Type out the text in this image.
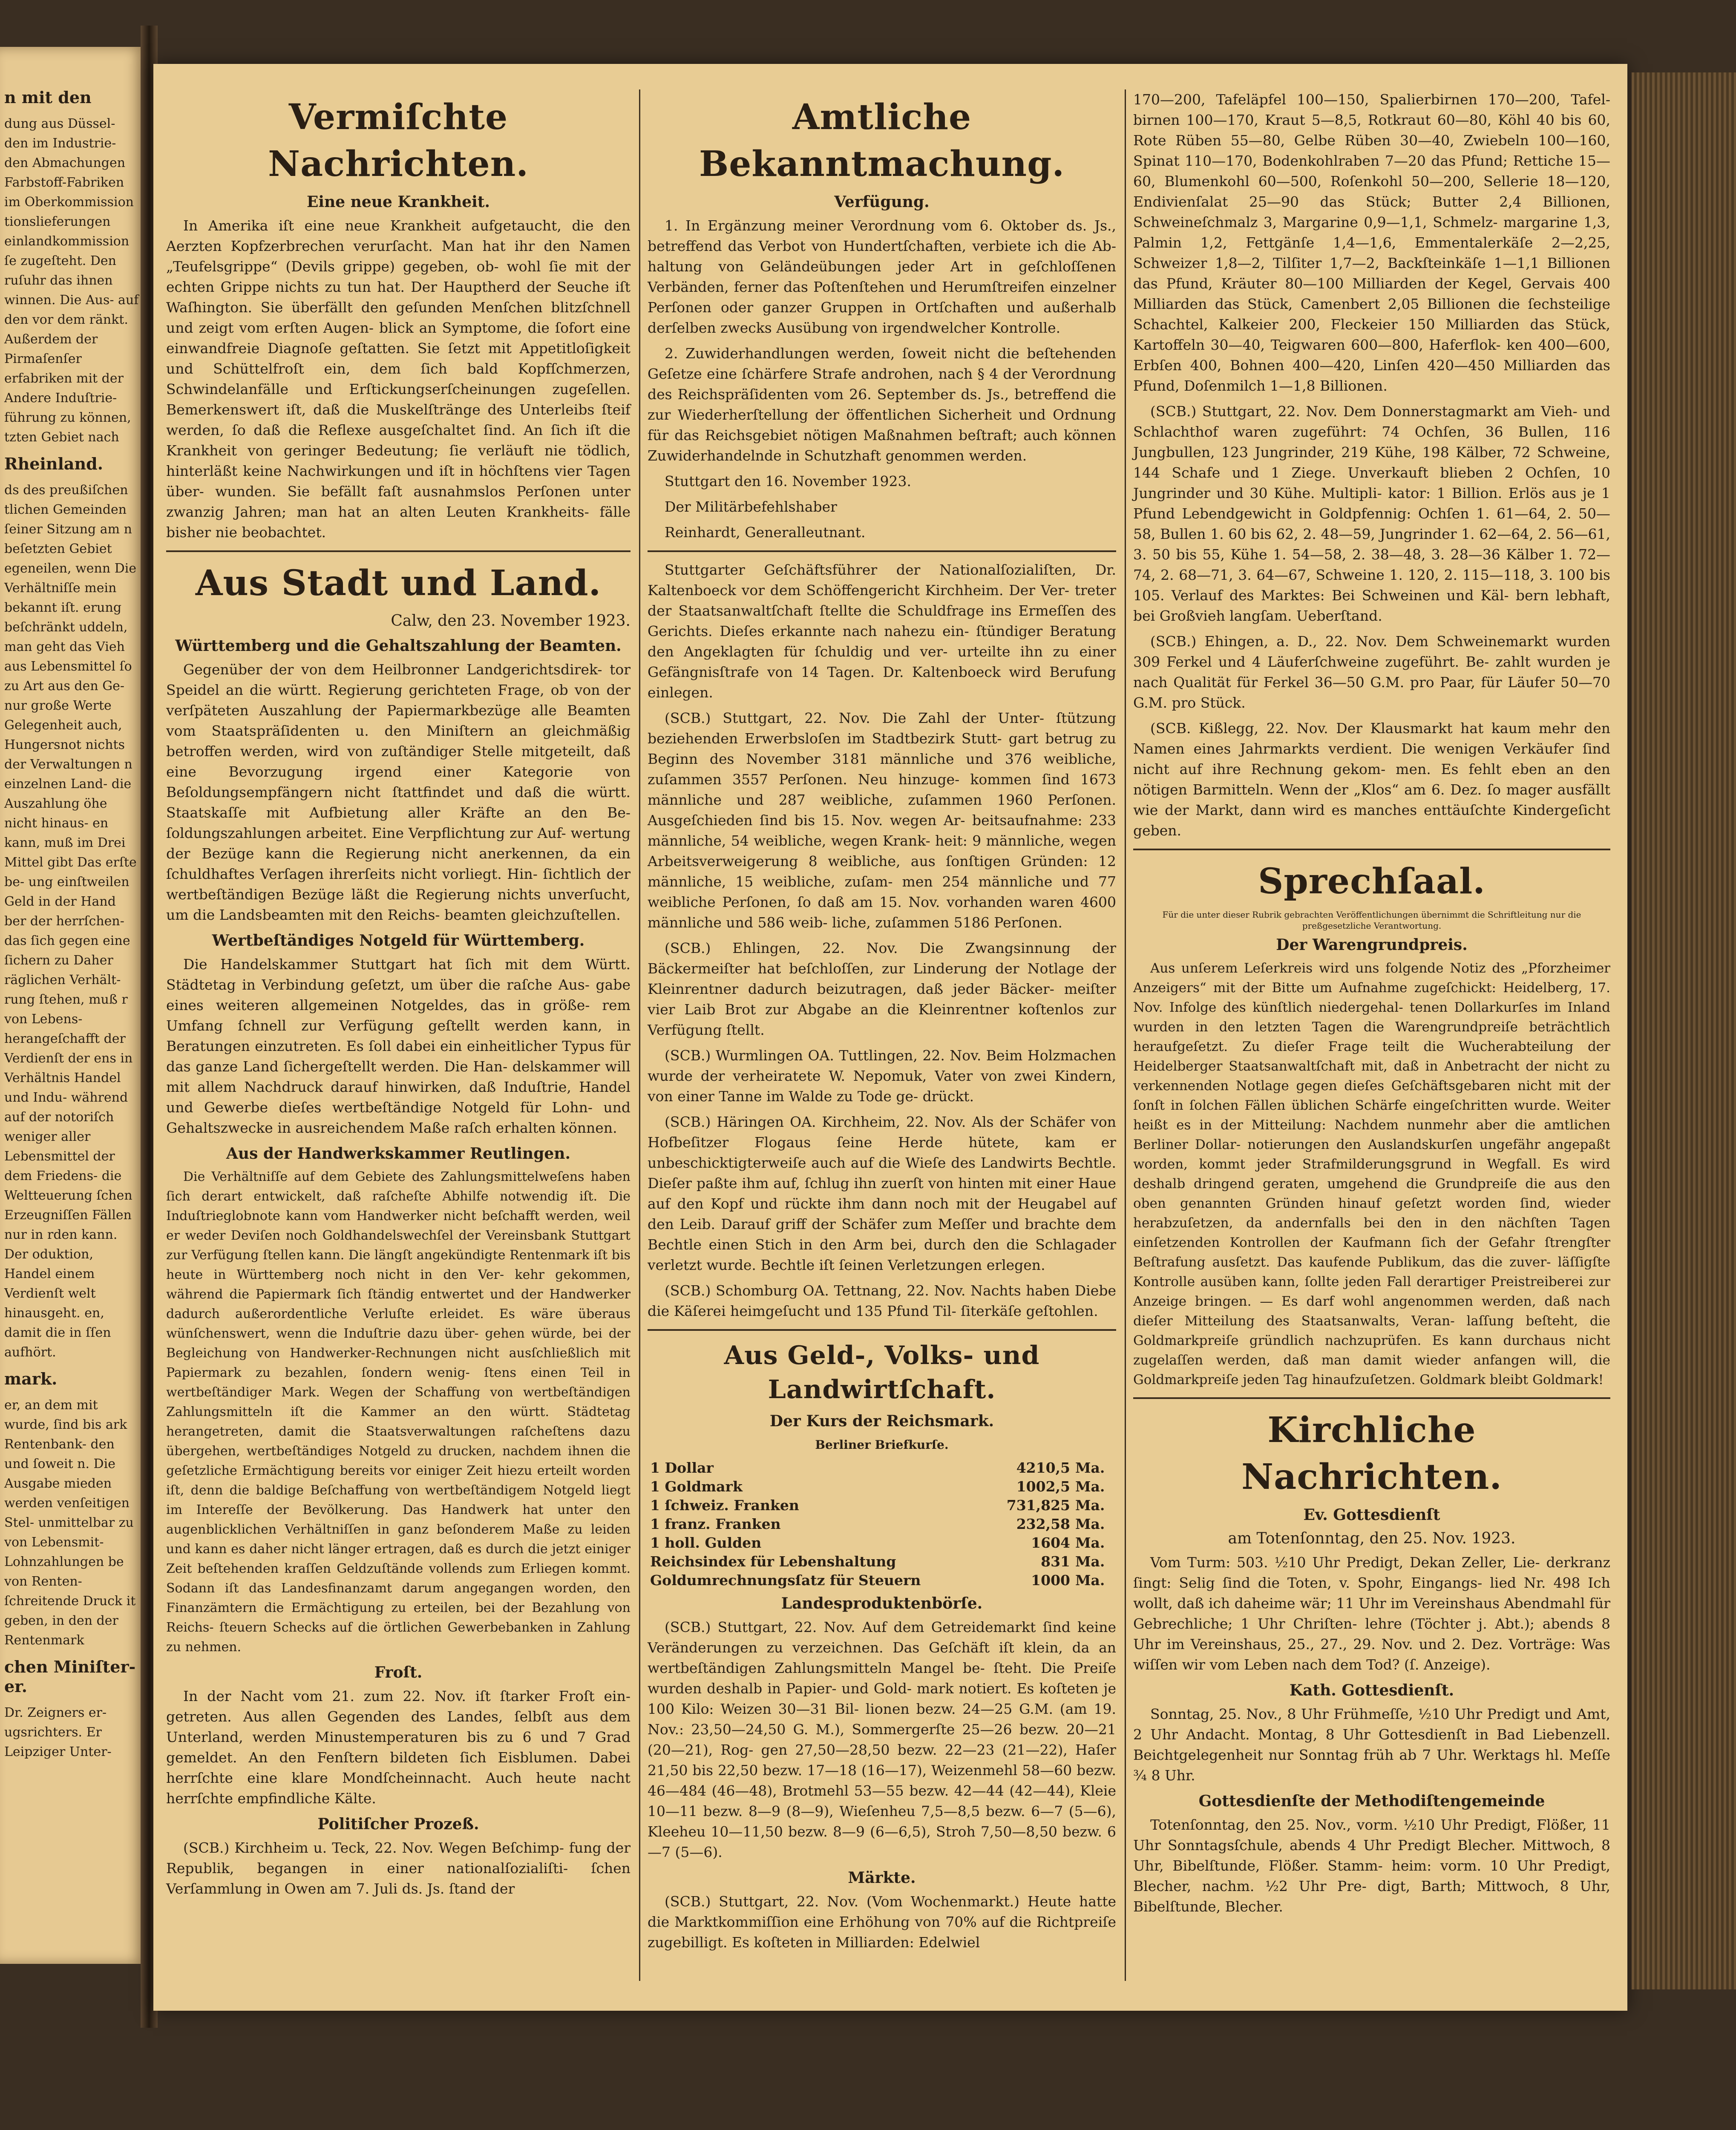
n mit den

dung aus Düssel- den im Industrie- den Abmachungen Farbstoff-Fabriken im Oberkommission tionslieferungen einlandkommission ſe zugeſteht. Den ruſuhr das ihnen winnen. Die Aus- auf den vor dem ränkt. Außerdem der Pirmaſenſer erfabriken mit der Andere Induſtrie- führung zu können, tzten Gebiet nach

Rheinland.

ds des preußiſchen tlichen Gemeinden ſeiner Sitzung am n beſetzten Gebiet egeneilen, wenn Die Verhältniſſe mein bekannt iſt. erung beſchränkt uddeln, man geht das Vieh aus Lebensmittel ſo zu Art aus den Ge- nur große Werte Gelegenheit auch, Hungersnot nichts der Verwaltungen n einzelnen Land- die Auszahlung öhe nicht hinaus- en kann, muß im Drei Mittel gibt Das erſte be- ung einſtweilen Geld in der Hand ber der herrſchen- das ſich gegen eine ſichern zu Daher räglichen Verhält- rung ſtehen, muß r von Lebens- herangeſchafft der Verdienſt der ens in Verhältnis Handel und Indu- während auf der notoriſch weniger aller Lebensmittel der dem Friedens- die Weltteuerung ſchen Erzeugniſſen Fällen nur in rden kann. Der oduktion, Handel einem Verdienſt welt hinausgeht. en, damit die in ſſen aufhört.

mark.

er, an dem mit wurde, ſind bis ark Rentenbank- den und ſoweit n. Die Ausgabe mieden werden venſeitigen Stel- unmittelbar zu von Lebensmit- Lohnzahlungen be von Renten- ſchreitende Druck it geben, in den der Rentenmark

chen Miniſter- er.

Dr. Zeigners er- ugsrichters. Er Leipziger Unter-

Vermiſchte Nachrichten.
Eine neue Krankheit.

In Amerika iſt eine neue Krankheit aufgetaucht, die den Aerzten Kopfzerbrechen verurſacht. Man hat ihr den Namen „Teufelsgrippe“ (Devils grippe) gegeben, ob- wohl ſie mit der echten Grippe nichts zu tun hat. Der Hauptherd der Seuche iſt Waſhington. Sie überfällt den geſunden Menſchen blitzſchnell und zeigt vom erſten Augen- blick an Symptome, die ſofort eine einwandfreie Diagnoſe geſtatten. Sie ſetzt mit Appetitloſigkeit und Schüttelfroſt ein, dem ſich bald Kopfſchmerzen, Schwindelanfälle und Erſtickungserſcheinungen zugeſellen. Bemerkenswert iſt, daß die Muskelſtränge des Unterleibs ſteif werden, ſo daß die Reflexe ausgeſchaltet ſind. An ſich iſt die Krankheit von geringer Bedeutung; ſie verläuft nie tödlich, hinterläßt keine Nachwirkungen und iſt in höchſtens vier Tagen über- wunden. Sie befällt faſt ausnahmslos Perſonen unter zwanzig Jahren; man hat an alten Leuten Krankheits- fälle bisher nie beobachtet.

Aus Stadt und Land.
Calw, den 23. November 1923.
Württemberg und die Gehaltszahlung der Beamten.

Gegenüber der von dem Heilbronner Landgerichtsdirek- tor Speidel an die württ. Regierung gerichteten Frage, ob von der verſpäteten Auszahlung der Papiermarkbezüge alle Beamten vom Staatspräſidenten u. den Miniſtern an gleichmäßig betroffen werden, wird von zuſtändiger Stelle mitgeteilt, daß eine Bevorzugung irgend einer Kategorie von Beſoldungsempfängern nicht ſtattfindet und daß die württ. Staatskaſſe mit Aufbietung aller Kräfte an den Be- ſoldungszahlungen arbeitet. Eine Verpflichtung zur Auf- wertung der Bezüge kann die Regierung nicht anerkennen, da ein ſchuldhaftes Verſagen ihrerſeits nicht vorliegt. Hin- ſichtlich der wertbeſtändigen Bezüge läßt die Regierung nichts unverſucht, um die Landsbeamten mit den Reichs- beamten gleichzuſtellen.

Wertbeſtändiges Notgeld für Württemberg.

Die Handelskammer Stuttgart hat ſich mit dem Württ. Städtetag in Verbindung geſetzt, um über die raſche Aus- gabe eines weiteren allgemeinen Notgeldes, das in größe- rem Umfang ſchnell zur Verfügung geſtellt werden kann, in Beratungen einzutreten. Es ſoll dabei ein einheitlicher Typus für das ganze Land ſichergeſtellt werden. Die Han- delskammer will mit allem Nachdruck darauf hinwirken, daß Induſtrie, Handel und Gewerbe dieſes wertbeſtändige Notgeld für Lohn- und Gehaltszwecke in ausreichendem Maße raſch erhalten können.

Aus der Handwerkskammer Reutlingen.

Die Verhältniſſe auf dem Gebiete des Zahlungsmittelweſens haben ſich derart entwickelt, daß raſcheſte Abhilfe notwendig iſt. Die Induſtrieglobnote kann vom Handwerker nicht beſchafft werden, weil er weder Deviſen noch Goldhandelswechſel der Vereinsbank Stuttgart zur Verfügung ſtellen kann. Die längſt angekündigte Rentenmark iſt bis heute in Württemberg noch nicht in den Ver- kehr gekommen, während die Papiermark ſich ſtändig entwertet und der Handwerker dadurch außerordentliche Verluſte erleidet. Es wäre überaus wünſchenswert, wenn die Induſtrie dazu über- gehen würde, bei der Begleichung von Handwerker-Rechnungen nicht ausſchließlich mit Papiermark zu bezahlen, ſondern wenig- ſtens einen Teil in wertbeſtändiger Mark. Wegen der Schaffung von wertbeſtändigen Zahlungsmitteln iſt die Kammer an den württ. Städtetag herangetreten, damit die Staatsverwaltungen raſcheſtens dazu übergehen, wertbeſtändiges Notgeld zu drucken, nachdem ihnen die geſetzliche Ermächtigung bereits vor einiger Zeit hiezu erteilt worden iſt, denn die baldige Beſchaffung von wertbeſtändigem Notgeld liegt im Intereſſe der Bevölkerung. Das Handwerk hat unter den augenblicklichen Verhältniſſen in ganz beſonderem Maße zu leiden und kann es daher nicht länger ertragen, daß es durch die jetzt einiger Zeit beſtehenden kraſſen Geldzuſtände vollends zum Erliegen kommt. Sodann iſt das Landesfinanzamt darum angegangen worden, den Finanzämtern die Ermächtigung zu erteilen, bei der Bezahlung von Reichs- ſteuern Schecks auf die örtlichen Gewerbebanken in Zahlung zu nehmen.

Froſt.

In der Nacht vom 21. zum 22. Nov. iſt ſtarker Froſt ein- getreten. Aus allen Gegenden des Landes, ſelbſt aus dem Unterland, werden Minustemperaturen bis zu 6 und 7 Grad gemeldet. An den Fenſtern bildeten ſich Eisblumen. Dabei herrſchte eine klare Mondſcheinnacht. Auch heute nacht herrſchte empfindliche Kälte.

Politiſcher Prozeß.

(SCB.) Kirchheim u. Teck, 22. Nov. Wegen Beſchimp- fung der Republik, begangen in einer nationalſozialiſti- ſchen Verſammlung in Owen am 7. Juli ds. Js. ſtand der

Amtliche Bekanntmachung.
Verfügung.

1. In Ergänzung meiner Verordnung vom 6. Oktober ds. Js., betreffend das Verbot von Hundertſchaften, verbiete ich die Ab- haltung von Geländeübungen jeder Art in geſchloſſenen Verbänden, ferner das Poſtenſtehen und Herumſtreifen einzelner Perſonen oder ganzer Gruppen in Ortſchaften und außerhalb derſelben zwecks Ausübung von irgendwelcher Kontrolle.

2. Zuwiderhandlungen werden, ſoweit nicht die beſtehenden Geſetze eine ſchärfere Strafe androhen, nach § 4 der Verordnung des Reichspräſidenten vom 26. September ds. Js., betreffend die zur Wiederherſtellung der öffentlichen Sicherheit und Ordnung für das Reichsgebiet nötigen Maßnahmen beſtraft; auch können Zuwiderhandelnde in Schutzhaft genommen werden.

Stuttgart den 16. November 1923.

Der Militärbefehlshaber

Reinhardt, Generalleutnant.

Stuttgarter Geſchäftsführer der Nationalſozialiſten, Dr. Kaltenboeck vor dem Schöffengericht Kirchheim. Der Ver- treter der Staatsanwaltſchaft ſtellte die Schuldfrage ins Ermeſſen des Gerichts. Dieſes erkannte nach nahezu ein- ſtündiger Beratung den Angeklagten für ſchuldig und ver- urteilte ihn zu einer Gefängnisſtrafe von 14 Tagen. Dr. Kaltenboeck wird Berufung einlegen.

(SCB.) Stuttgart, 22. Nov. Die Zahl der Unter- ſtützung beziehenden Erwerbsloſen im Stadtbezirk Stutt- gart betrug zu Beginn des November 3181 männliche und 376 weibliche, zuſammen 3557 Perſonen. Neu hinzuge- kommen ſind 1673 männliche und 287 weibliche, zuſammen 1960 Perſonen. Ausgeſchieden ſind bis 15. Nov. wegen Ar- beitsaufnahme: 233 männliche, 54 weibliche, wegen Krank- heit: 9 männliche, wegen Arbeitsverweigerung 8 weibliche, aus ſonſtigen Gründen: 12 männliche, 15 weibliche, zuſam- men 254 männliche und 77 weibliche Perſonen, ſo daß am 15. Nov. vorhanden waren 4600 männliche und 586 weib- liche, zuſammen 5186 Perſonen.

(SCB.) Ehlingen, 22. Nov. Die Zwangsinnung der Bäckermeiſter hat beſchloſſen, zur Linderung der Notlage der Kleinrentner dadurch beizutragen, daß jeder Bäcker- meiſter vier Laib Brot zur Abgabe an die Kleinrentner koſtenlos zur Verfügung ſtellt.

(SCB.) Wurmlingen OA. Tuttlingen, 22. Nov. Beim Holzmachen wurde der verheiratete W. Nepomuk, Vater von zwei Kindern, von einer Tanne im Walde zu Tode ge- drückt.

(SCB.) Häringen OA. Kirchheim, 22. Nov. Als der Schäfer von Hofbeſitzer Flogaus ſeine Herde hütete, kam er unbeschicktigterweiſe auch auf die Wieſe des Landwirts Bechtle. Dieſer paßte ihm auf, ſchlug ihn zuerſt von hinten mit einer Haue auf den Kopf und rückte ihm dann noch mit der Heugabel auf den Leib. Darauf griff der Schäfer zum Meſſer und brachte dem Bechtle einen Stich in den Arm bei, durch den die Schlagader verletzt wurde. Bechtle iſt ſeinen Verletzungen erlegen.

(SCB.) Schomburg OA. Tettnang, 22. Nov. Nachts haben Diebe die Käſerei heimgeſucht und 135 Pfund Til- ſiterkäſe geſtohlen.

Aus Geld-, Volks- und Landwirtſchaft.
Der Kurs der Reichsmark.
Berliner Briefkurſe.
1 Dollar	4210,5	Ma.
1 Goldmark	1002,5	Ma.
1 ſchweiz. Franken	731,825	Ma.
1 franz. Franken	232,58	Ma.
1 holl. Gulden	1604	Ma.
Reichsindex für Lebenshaltung	831	Ma.
Goldumrechnungsſatz für Steuern	1000	Ma.
Landesproduktenbörſe.

(SCB.) Stuttgart, 22. Nov. Auf dem Getreidemarkt ſind keine Veränderungen zu verzeichnen. Das Geſchäft iſt klein, da an wertbeſtändigen Zahlungsmitteln Mangel be- ſteht. Die Preiſe wurden deshalb in Papier- und Gold- mark notiert. Es koſteten je 100 Kilo: Weizen 30—31 Bil- lionen bezw. 24—25 G.M. (am 19. Nov.: 23,50—24,50 G. M.), Sommergerſte 25—26 bezw. 20—21 (20—21), Rog- gen 27,50—28,50 bezw. 22—23 (21—22), Haſer 21,50 bis 22,50 bezw. 17—18 (16—17), Weizenmehl 58—60 bezw. 46—484 (46—48), Brotmehl 53—55 bezw. 42—44 (42—44), Kleie 10—11 bezw. 8—9 (8—9), Wieſenheu 7,5—8,5 bezw. 6—7 (5—6), Kleeheu 10—11,50 bezw. 8—9 (6—6,5), Stroh 7,50—8,50 bezw. 6—7 (5—6).

Märkte.

(SCB.) Stuttgart, 22. Nov. (Vom Wochenmarkt.) Heute hatte die Marktkommiſſion eine Erhöhung von 70% auf die Richtpreiſe zugebilligt. Es koſteten in Milliarden: Edelwiel

170—200, Tafeläpfel 100—150, Spalierbirnen 170—200, Tafel- birnen 100—170, Kraut 5—8,5, Rotkraut 60—80, Köhl 40 bis 60, Rote Rüben 55—80, Gelbe Rüben 30—40, Zwiebeln 100—160, Spinat 110—170, Bodenkohlraben 7—20 das Pfund; Rettiche 15—60, Blumenkohl 60—500, Roſenkohl 50—200, Sellerie 18—120, Endivienſalat 25—90 das Stück; Butter 2,4 Billionen, Schweineſchmalz 3, Margarine 0,9—1,1, Schmelz- margarine 1,3, Palmin 1,2, Fettgänſe 1,4—1,6, Emmentalerkäſe 2—2,25, Schweizer 1,8—2, Tilſiter 1,7—2, Backſteinkäſe 1—1,1 Billionen das Pfund, Kräuter 80—100 Milliarden der Kegel, Gervais 400 Milliarden das Stück, Camenbert 2,05 Billionen die ſechsteilige Schachtel, Kalkeier 200, Fleckeier 150 Milliarden das Stück, Kartoffeln 30—40, Teigwaren 600—800, Haferflok- ken 400—600, Erbſen 400, Bohnen 400—420, Linſen 420—450 Milliarden das Pfund, Doſenmilch 1—1,8 Billionen.

(SCB.) Stuttgart, 22. Nov. Dem Donnerstagmarkt am Vieh- und Schlachthof waren zugeführt: 74 Ochſen, 36 Bullen, 116 Jungbullen, 123 Jungrinder, 219 Kühe, 198 Kälber, 72 Schweine, 144 Schafe und 1 Ziege. Unverkauft blieben 2 Ochſen, 10 Jungrinder und 30 Kühe. Multipli- kator: 1 Billion. Erlös aus je 1 Pfund Lebendgewicht in Goldpfennig: Ochſen 1. 61—64, 2. 50—58, Bullen 1. 60 bis 62, 2. 48—59, Jungrinder 1. 62—64, 2. 56—61, 3. 50 bis 55, Kühe 1. 54—58, 2. 38—48, 3. 28—36 Kälber 1. 72—74, 2. 68—71, 3. 64—67, Schweine 1. 120, 2. 115—118, 3. 100 bis 105. Verlauf des Marktes: Bei Schweinen und Käl- bern lebhaft, bei Großvieh langſam. Ueberſtand.

(SCB.) Ehingen, a. D., 22. Nov. Dem Schweinemarkt wurden 309 Ferkel und 4 Läuferſchweine zugeführt. Be- zahlt wurden je nach Qualität für Ferkel 36—50 G.M. pro Paar, für Läufer 50—70 G.M. pro Stück.

(SCB. Kißlegg, 22. Nov. Der Klausmarkt hat kaum mehr den Namen eines Jahrmarkts verdient. Die wenigen Verkäufer ſind nicht auf ihre Rechnung gekom- men. Es fehlt eben an den nötigen Barmitteln. Wenn der „Klos“ am 6. Dez. ſo mager ausfällt wie der Markt, dann wird es manches enttäuſchte Kindergeſicht geben.

Sprechſaal.
Für die unter dieser Rubrik gebrachten Veröffentlichungen übernimmt die Schriftleitung nur die preßgesetzliche Verantwortung.
Der Warengrundpreis.

Aus unſerem Leſerkreis wird uns folgende Notiz des „Pforzheimer Anzeigers“ mit der Bitte um Aufnahme zugeſchickt: Heidelberg, 17. Nov. Infolge des künſtlich niedergehal- tenen Dollarkurſes im Inland wurden in den letzten Tagen die Warengrundpreiſe beträchtlich heraufgeſetzt. Zu dieſer Frage teilt die Wucherabteilung der Heidelberger Staatsanwaltſchaft mit, daß in Anbetracht der nicht zu verkennenden Notlage gegen dieſes Geſchäftsgebaren nicht mit der ſonſt in ſolchen Fällen üblichen Schärfe eingeſchritten wurde. Weiter heißt es in der Mitteilung: Nachdem nunmehr aber die amtlichen Berliner Dollar- notierungen den Auslandskurſen ungefähr angepaßt worden, kommt jeder Strafmilderungsgrund in Wegfall. Es wird deshalb dringend geraten, umgehend die Grundpreiſe die aus den oben genannten Gründen hinauf geſetzt worden ſind, wieder herabzuſetzen, da andernfalls bei den in den nächſten Tagen einſetzenden Kontrollen der Kaufmann ſich der Gefahr ſtrengſter Beſtrafung ausſetzt. Das kaufende Publikum, das die zuver- läſſigſte Kontrolle ausüben kann, ſollte jeden Fall derartiger Preistreiberei zur Anzeige bringen. — Es darf wohl angenommen werden, daß nach dieſer Mitteilung des Staatsanwalts, Veran- laſſung beſteht, die Goldmarkpreiſe gründlich nachzuprüfen. Es kann durchaus nicht zugelaſſen werden, daß man damit wieder anfangen will, die Goldmarkpreiſe jeden Tag hinaufzuſetzen. Goldmark bleibt Goldmark!

Kirchliche Nachrichten.
Ev. Gottesdienſt
am Totenſonntag, den 25. Nov. 1923.

Vom Turm: 503. ½10 Uhr Predigt, Dekan Zeller, Lie- derkranz ſingt: Selig ſind die Toten, v. Spohr, Eingangs- lied Nr. 498 Ich wollt, daß ich daheime wär; 11 Uhr im Vereinshaus Abendmahl für Gebrechliche; 1 Uhr Chriſten- lehre (Töchter j. Abt.); abends 8 Uhr im Vereinshaus, 25., 27., 29. Nov. und 2. Dez. Vorträge: Was wiſſen wir vom Leben nach dem Tod? (ſ. Anzeige).

Kath. Gottesdienſt.

Sonntag, 25. Nov., 8 Uhr Frühmeſſe, ½10 Uhr Predigt und Amt, 2 Uhr Andacht. Montag, 8 Uhr Gottesdienſt in Bad Liebenzell. Beichtgelegenheit nur Sonntag früh ab 7 Uhr. Werktags hl. Meſſe ¾ 8 Uhr.

Gottesdienſte der Methodiſtengemeinde

Totenſonntag, den 25. Nov., vorm. ½10 Uhr Predigt, Flößer, 11 Uhr Sonntagsſchule, abends 4 Uhr Predigt Blecher. Mittwoch, 8 Uhr, Bibelſtunde, Flößer. Stamm- heim: vorm. 10 Uhr Predigt, Blecher, nachm. ½2 Uhr Pre- digt, Barth; Mittwoch, 8 Uhr, Bibelſtunde, Blecher.
